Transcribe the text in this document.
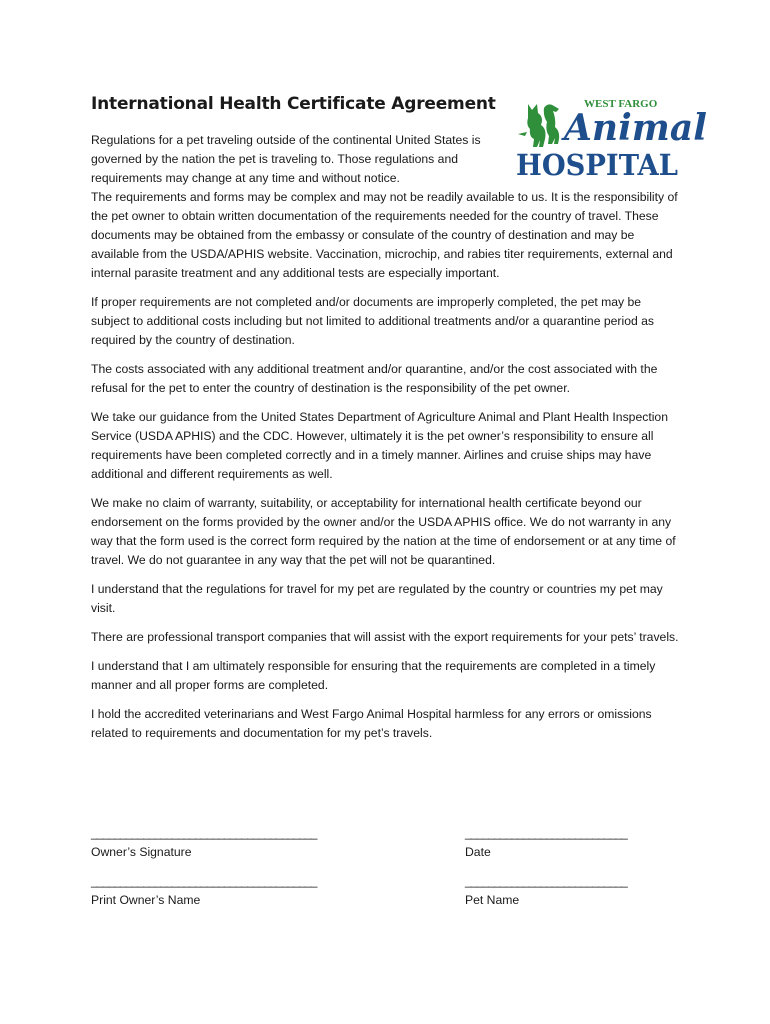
International Health Certificate Agreement	WEST FARGO
Animal
HOSPITAL

Regulations for a pet traveling outside of the continental United States is governed by the nation the pet is traveling to. Those regulations and requirements may change at any time and without notice.

The requirements and forms may be complex and may not be readily available to us. It is the responsibility of the pet owner to obtain written documentation of the requirements needed for the country of travel. These documents may be obtained from the embassy or consulate of the country of destination and may be available from the USDA/APHIS website. Vaccination, microchip, and rabies titer requirements, external and internal parasite treatment and any additional tests are especially important.

If proper requirements are not completed and/or documents are improperly completed, the pet may be subject to additional costs including but not limited to additional treatments and/or a quarantine period as required by the country of destination.

The costs associated with any additional treatment and/or quarantine, and/or the cost associated with the refusal for the pet to enter the country of destination is the responsibility of the pet owner.

We take our guidance from the United States Department of Agriculture Animal and Plant Health Inspection Service (USDA APHIS) and the CDC. However, ultimately it is the pet owner’s responsibility to ensure all requirements have been completed correctly and in a timely manner. Airlines and cruise ships may have additional and different requirements as well.

We make no claim of warranty, suitability, or acceptability for international health certificate beyond our endorsement on the forms provided by the owner and/or the USDA APHIS office. We do not warranty in any way that the form used is the correct form required by the nation at the time of endorsement or at any time of travel. We do not guarantee in any way that the pet will not be quarantined.

I understand that the regulations for travel for my pet are regulated by the country or countries my pet may visit.

There are professional transport companies that will assist with the export requirements for your pets’ travels.

I understand that I am ultimately responsible for ensuring that the requirements are completed in a timely manner and all proper forms are completed.

I hold the accredited veterinarians and West Fargo Animal Hospital harmless for any errors or omissions related to requirements and documentation for my pet’s travels.

_______________________________________
Owner’s Signature
____________________________
Date
_______________________________________
Print Owner’s Name
____________________________
Pet Name
